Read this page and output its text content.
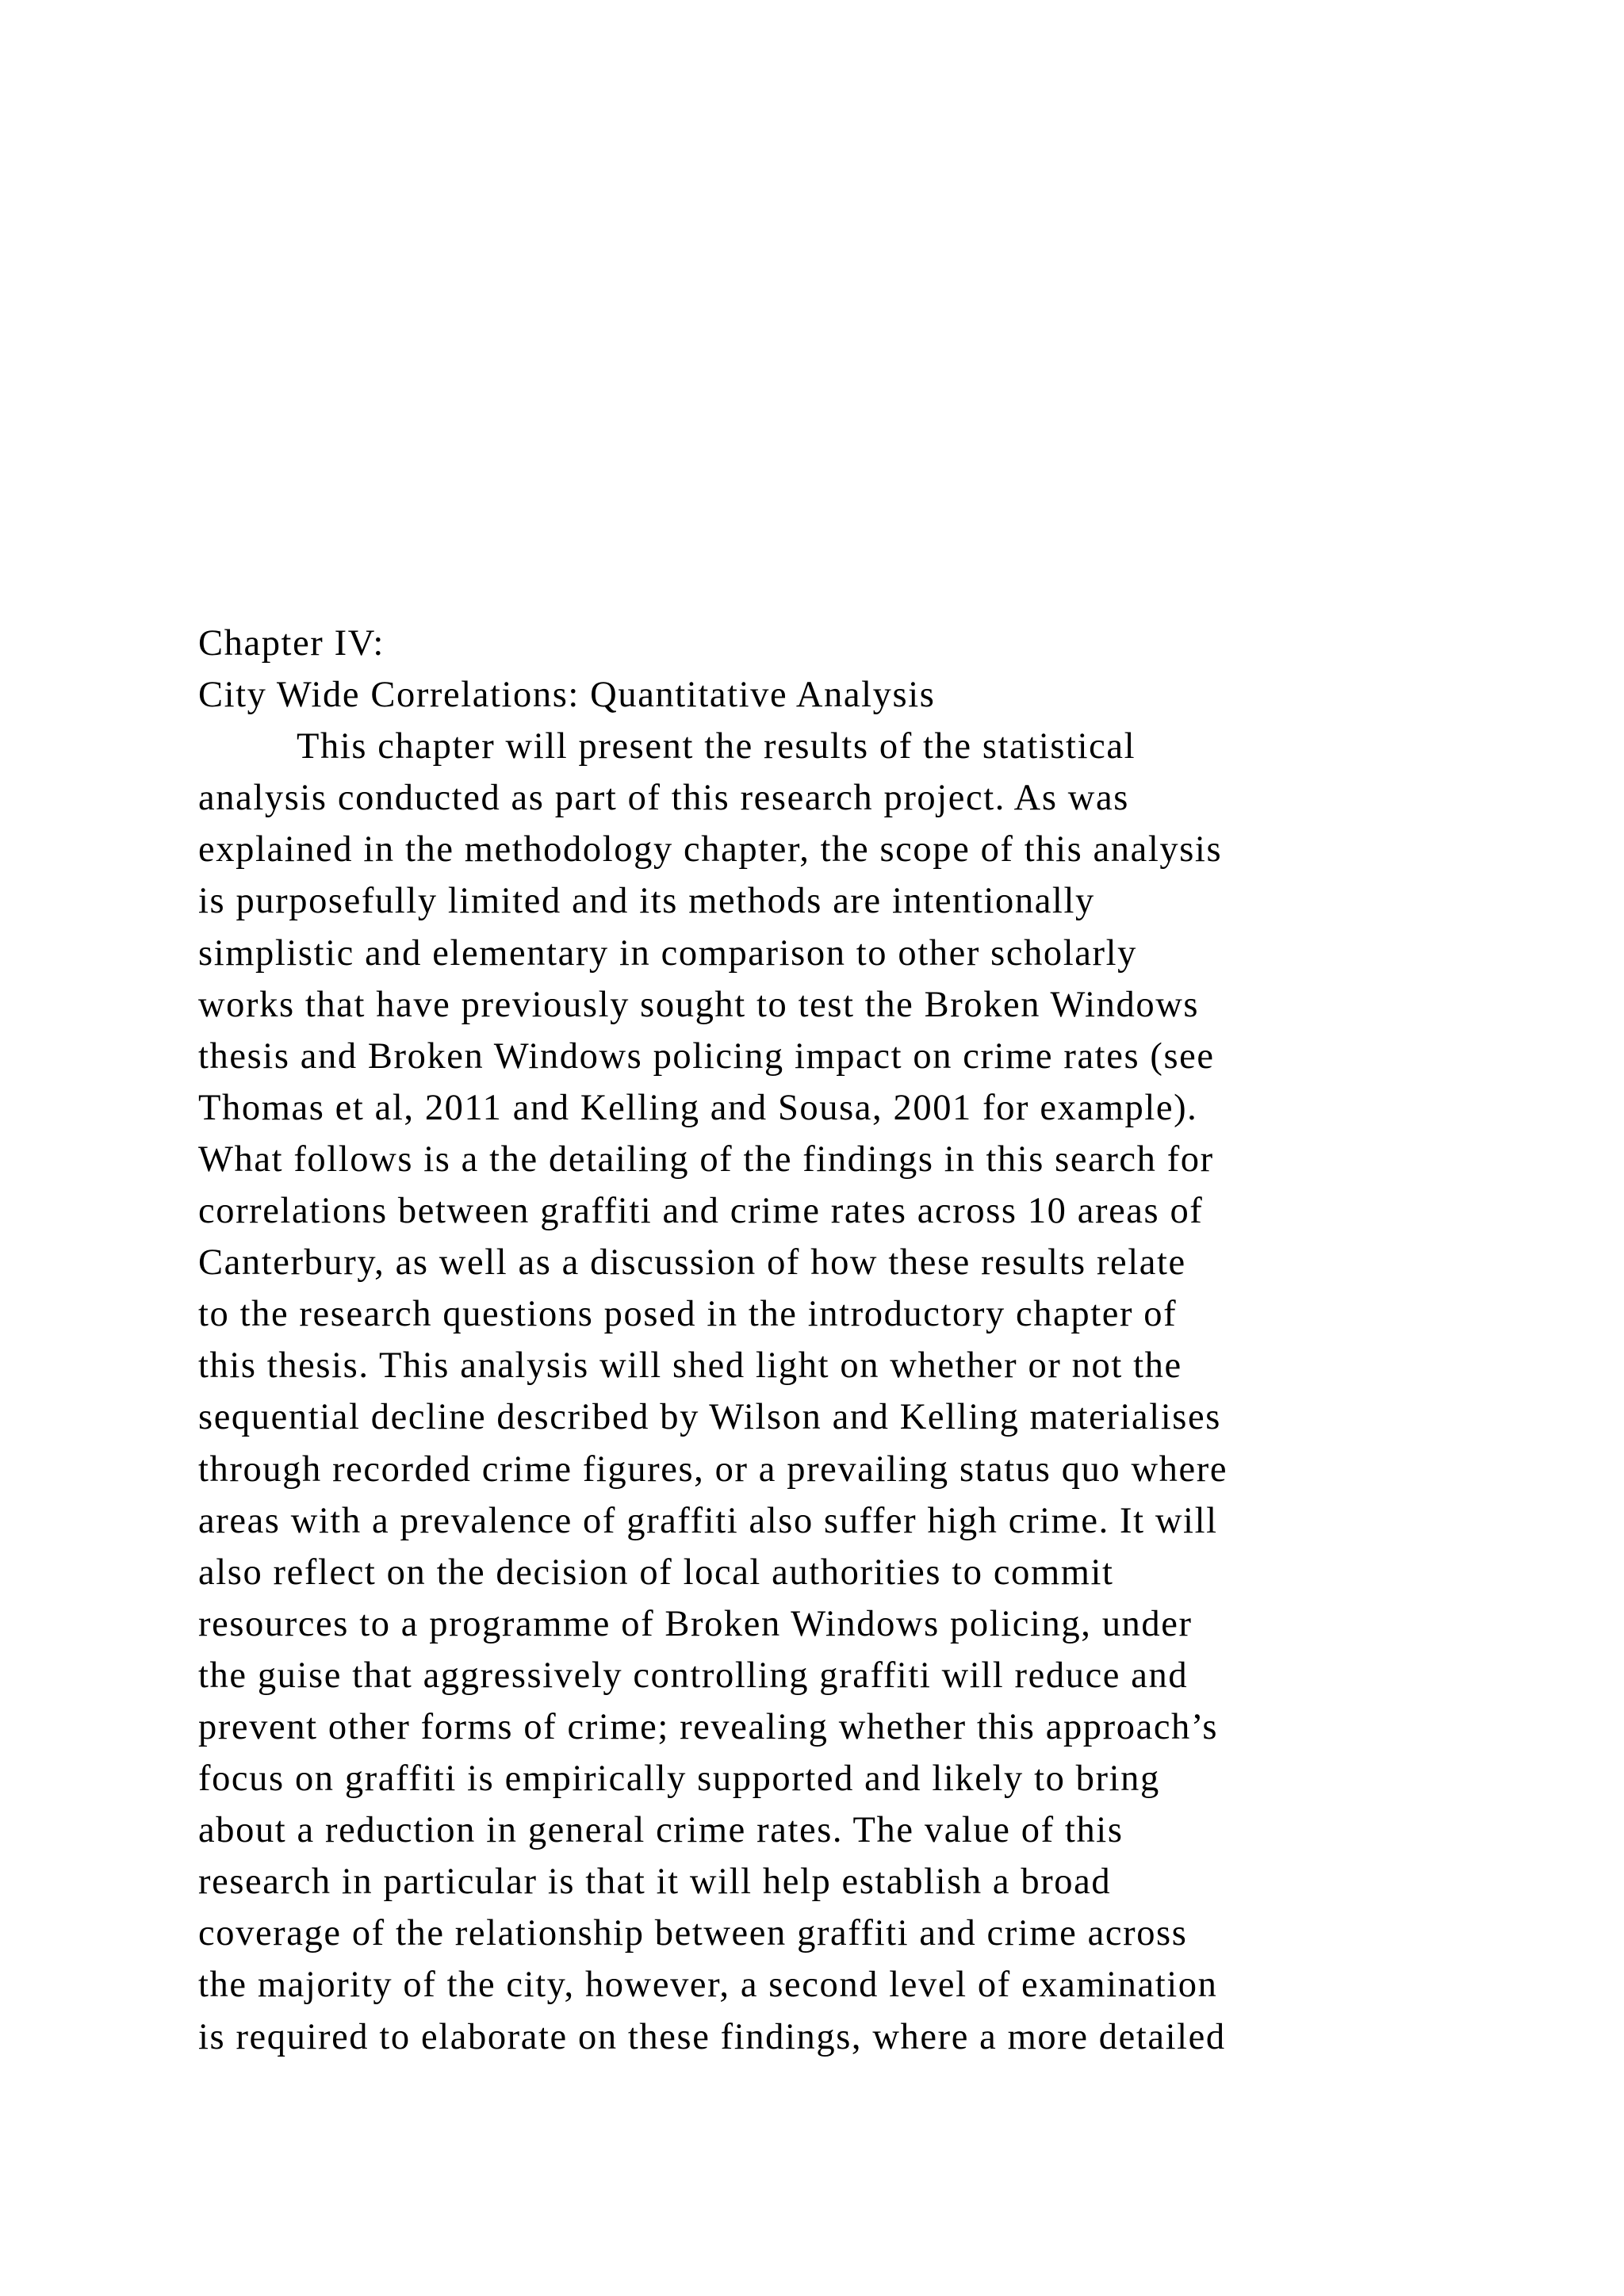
Chapter IV:
City Wide Correlations: Quantitative Analysis
This chapter will present the results of the statistical
analysis conducted as part of this research project. As was
explained in the methodology chapter, the scope of this analysis
is purposefully limited and its methods are intentionally
simplistic and elementary in comparison to other scholarly
works that have previously sought to test the Broken Windows
thesis and Broken Windows policing impact on crime rates (see
Thomas et al, 2011 and Kelling and Sousa, 2001 for example).
What follows is a the detailing of the findings in this search for
correlations between graffiti and crime rates across 10 areas of
Canterbury, as well as a discussion of how these results relate
to the research questions posed in the introductory chapter of
this thesis. This analysis will shed light on whether or not the
sequential decline described by Wilson and Kelling materialises
through recorded crime figures, or a prevailing status quo where
areas with a prevalence of graffiti also suffer high crime. It will
also reflect on the decision of local authorities to commit
resources to a programme of Broken Windows policing, under
the guise that aggressively controlling graffiti will reduce and
prevent other forms of crime; revealing whether this approach’s
focus on graffiti is empirically supported and likely to bring
about a reduction in general crime rates. The value of this
research in particular is that it will help establish a broad
coverage of the relationship between graffiti and crime across
the majority of the city, however, a second level of examination
is required to elaborate on these findings, where a more detailed
